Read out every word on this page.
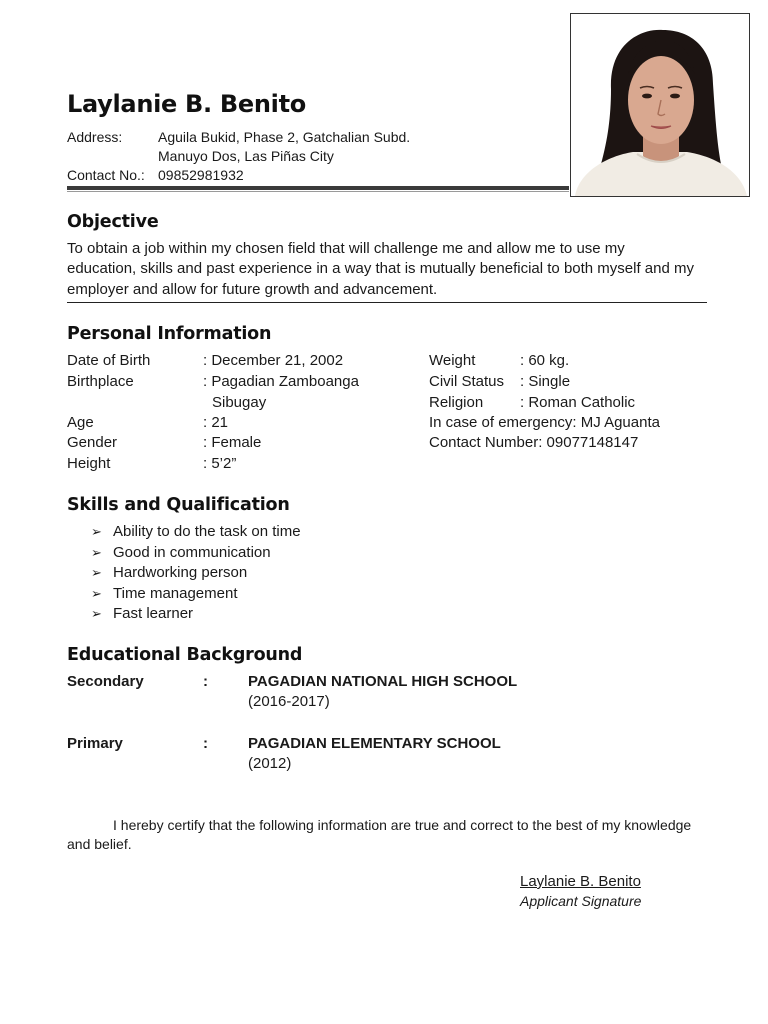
Laylanie B. Benito
Address:	Aguila Bukid, Phase 2, Gatchalian Subd.
Manuyo Dos, Las Piñas City
Contact No.: 09852981932
Objective
To obtain a job within my chosen field that will challenge me and allow me to use my
education, skills and past experience in a way that is mutually beneficial to both myself and my
employer and allow for future growth and advancement.
Personal Information
Date of Birth	: December 21, 2002
Birthplace	: Pagadian Zamboanga
Sibugay
Age	: 21
Gender	: Female
Height	: 5’2”
Weight	: 60 kg.
Civil Status : Single
Religion : Roman Catholic
In case of emergency: MJ Aguanta
Contact Number: 09077148147
Skills and Qualification
➢ Ability to do the task on time
➢ Good in communication
➢ Hardworking person
➢ Time management
➢ Fast learner
Educational Background
Secondary	:	PAGADIAN NATIONAL HIGH SCHOOL
(2016-2017)
Primary	:	PAGADIAN ELEMENTARY SCHOOL
(2012)
I hereby certify that the following information are true and correct to the best of my knowledge
and belief.
Laylanie B. Benito
Applicant Signature
